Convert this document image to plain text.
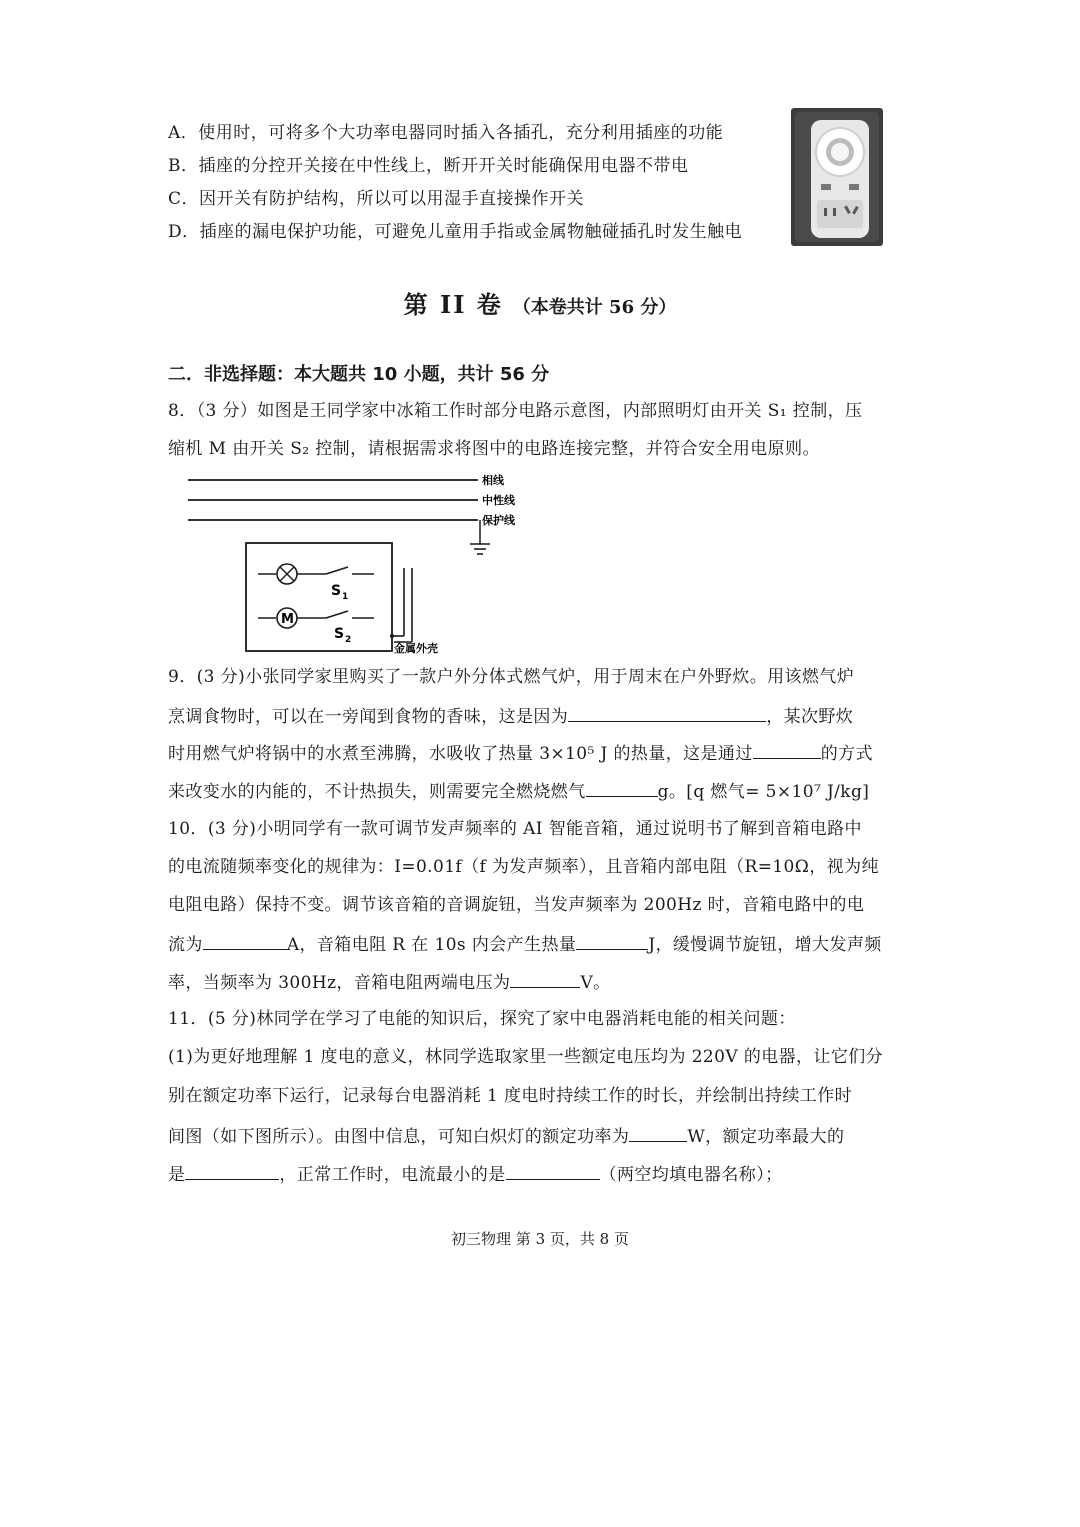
A．使用时，可将多个大功率电器同时插入各插孔，充分利用插座的功能
B．插座的分控开关接在中性线上，断开开关时能确保用电器不带电
C．因开关有防护结构，所以可以用湿手直接操作开关
D．插座的漏电保护功能，可避免儿童用手指或金属物触碰插孔时发生触电
第 II 卷 （本卷共计 56 分）
二．非选择题：本大题共 10 小题，共计 56 分
8．（3 分）如图是王同学家中冰箱工作时部分电路示意图，内部照明灯由开关 S₁ 控制，压
缩机 M 由开关 S₂ 控制，请根据需求将图中的电路连接完整，并符合安全用电原则。
相线
中性线
保护线
S 1
M
S 2
金属外壳
9．(3 分)小张同学家里购买了一款户外分体式燃气炉，用于周末在户外野炊。用该燃气炉
烹调食物时，可以在一旁闻到食物的香味，这是因为	，某次野炊
时用燃气炉将锅中的水煮至沸腾，水吸收了热量 3×10⁵ J 的热量，这是通过	的方式
来改变水的内能的，不计热损失，则需要完全燃烧燃气	g。[q 燃气= 5×10⁷ J/kg]
10．(3 分)小明同学有一款可调节发声频率的 AI 智能音箱，通过说明书了解到音箱电路中
的电流随频率变化的规律为：I=0.01f（f 为发声频率），且音箱内部电阻（R=10Ω，视为纯
电阻电路）保持不变。调节该音箱的音调旋钮，当发声频率为 200Hz 时，音箱电路中的电
流为	A，音箱电阻 R 在 10s 内会产生热量	J，缓慢调节旋钮，增大发声频
率，当频率为 300Hz，音箱电阻两端电压为	V。
11．(5 分)林同学在学习了电能的知识后，探究了家中电器消耗电能的相关问题：
(1)为更好地理解 1 度电的意义，林同学选取家里一些额定电压均为 220V 的电器，让它们分
别在额定功率下运行，记录每台电器消耗 1 度电时持续工作的时长，并绘制出持续工作时
间图（如下图所示）。由图中信息，可知白炽灯的额定功率为	W，额定功率最大的
是	，正常工作时，电流最小的是	（两空均填电器名称）；
初三物理 第 3 页，共 8 页
